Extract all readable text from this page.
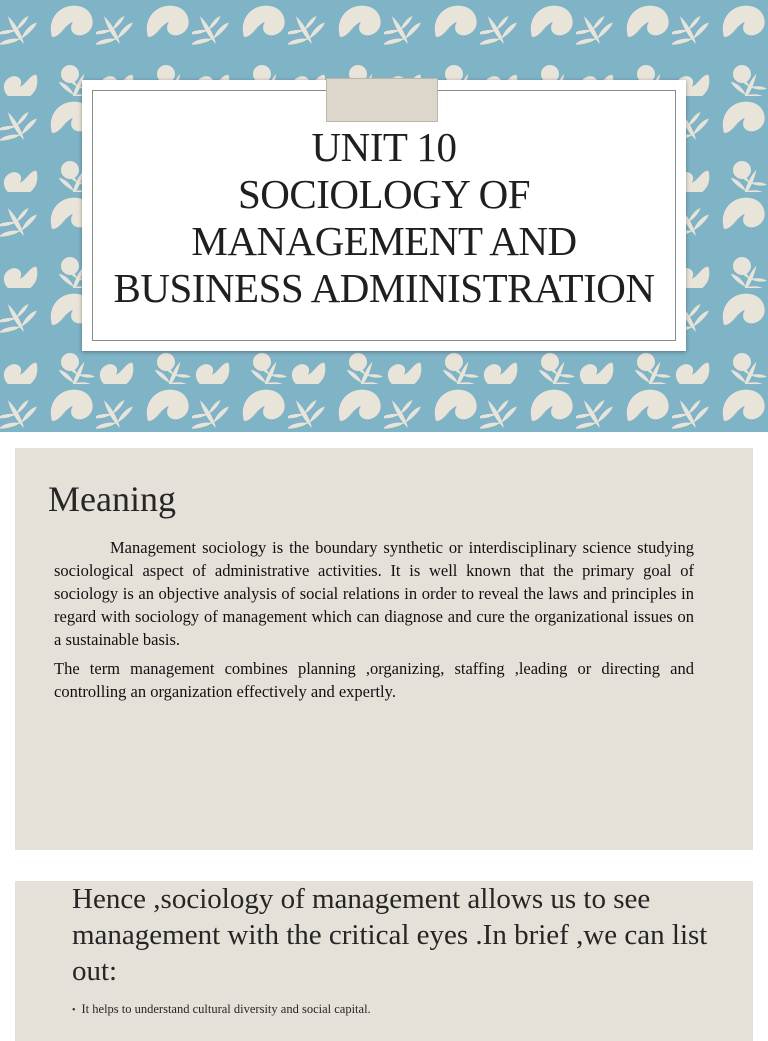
UNIT 10
SOCIOLOGY OF
MANAGEMENT AND
BUSINESS ADMINISTRATION
Meaning

Management sociology is the boundary synthetic or interdisciplinary science studying sociological aspect of administrative activities. It is well known that the primary goal of sociology is an objective analysis of social relations in order to reveal the laws and principles in regard with sociology of management which can diagnose and cure the organizational issues on a sustainable basis.

The term management combines planning ,organizing, staffing ,leading or directing and controlling an organization effectively and expertly.

Hence ,sociology of management allows us to see management with the critical eyes .In brief ,we can list out:
• It helps to understand cultural diversity and social capital.
